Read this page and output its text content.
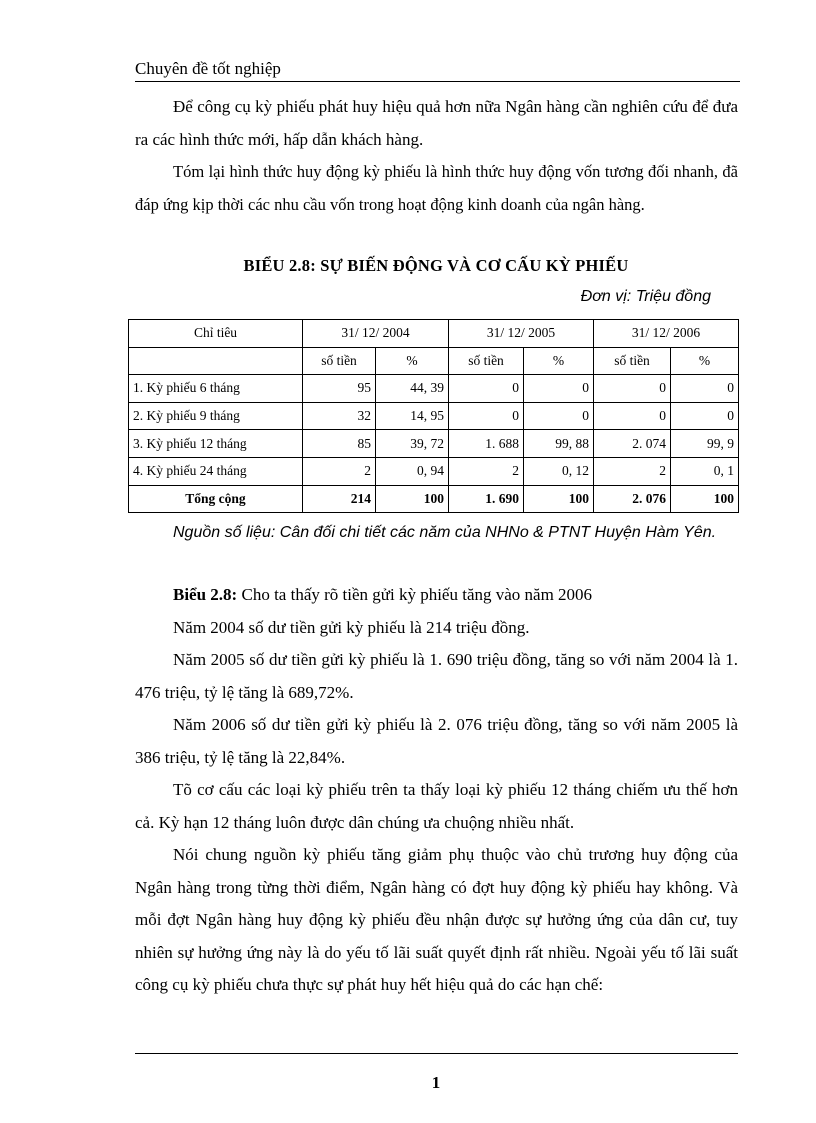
Chuyên đề tốt nghiệp

Để công cụ kỳ phiếu phát huy hiệu quả hơn nữa Ngân hàng cần nghiên cứu để đưa ra các hình thức mới, hấp dẫn khách hàng.

Tóm lại hình thức huy động kỳ phiếu là hình thức huy động vốn tương đối nhanh, đã đáp ứng kịp thời các nhu cầu vốn trong hoạt động kinh doanh của ngân hàng.

BIỂU 2.8: SỰ BIẾN ĐỘNG VÀ CƠ CẤU KỲ PHIẾU
Đơn vị: Triệu đồng
Chỉ tiêu	31/ 12/ 2004		31/ 12/ 2005		31/ 12/ 2006	
	số tiền	%	số tiền	%	số tiền	%
1. Kỳ phiếu 6 tháng	95	44, 39	0	0	0	0
2. Kỳ phiếu 9 tháng	32	14, 95	0	0	0	0
3. Kỳ phiếu 12 tháng	85	39, 72	1. 688	99, 88	2. 074	99, 9
4. Kỳ phiếu 24 tháng	2	0, 94	2	0, 12	2	0, 1
Tổng cộng	214	100	1. 690	100	2. 076	100

Nguồn số liệu: Cân đối chi tiết các năm của NHNo & PTNT Huyện Hàm Yên.

Biểu 2.8: Cho ta thấy rõ tiền gửi kỳ phiếu tăng vào năm 2006

Năm 2004 số dư tiền gửi kỳ phiếu là 214 triệu đồng.

Năm 2005 số dư tiền gửi kỳ phiếu là 1. 690 triệu đồng, tăng so với năm 2004 là 1. 476 triệu, tỷ lệ tăng là 689,72%.

Năm 2006 số dư tiền gửi kỳ phiếu là 2. 076 triệu đồng, tăng so với năm 2005 là 386 triệu, tỷ lệ tăng là 22,84%.

Tõ cơ cấu các loại kỳ phiếu trên ta thấy loại kỳ phiếu 12 tháng chiếm ưu thế hơn cả. Kỳ hạn 12 tháng luôn được dân chúng ưa chuộng nhiều nhất.

Nói chung nguồn kỳ phiếu tăng giảm phụ thuộc vào chủ trương huy động của Ngân hàng trong từng thời điểm, Ngân hàng có đợt huy động kỳ phiếu hay không. Và mỗi đợt Ngân hàng huy động kỳ phiếu đều nhận được sự hưởng ứng của dân cư, tuy nhiên sự hưởng ứng này là do yếu tố lãi suất quyết định rất nhiều. Ngoài yếu tố lãi suất công cụ kỳ phiếu chưa thực sự phát huy hết hiệu quả do các hạn chế:

1
